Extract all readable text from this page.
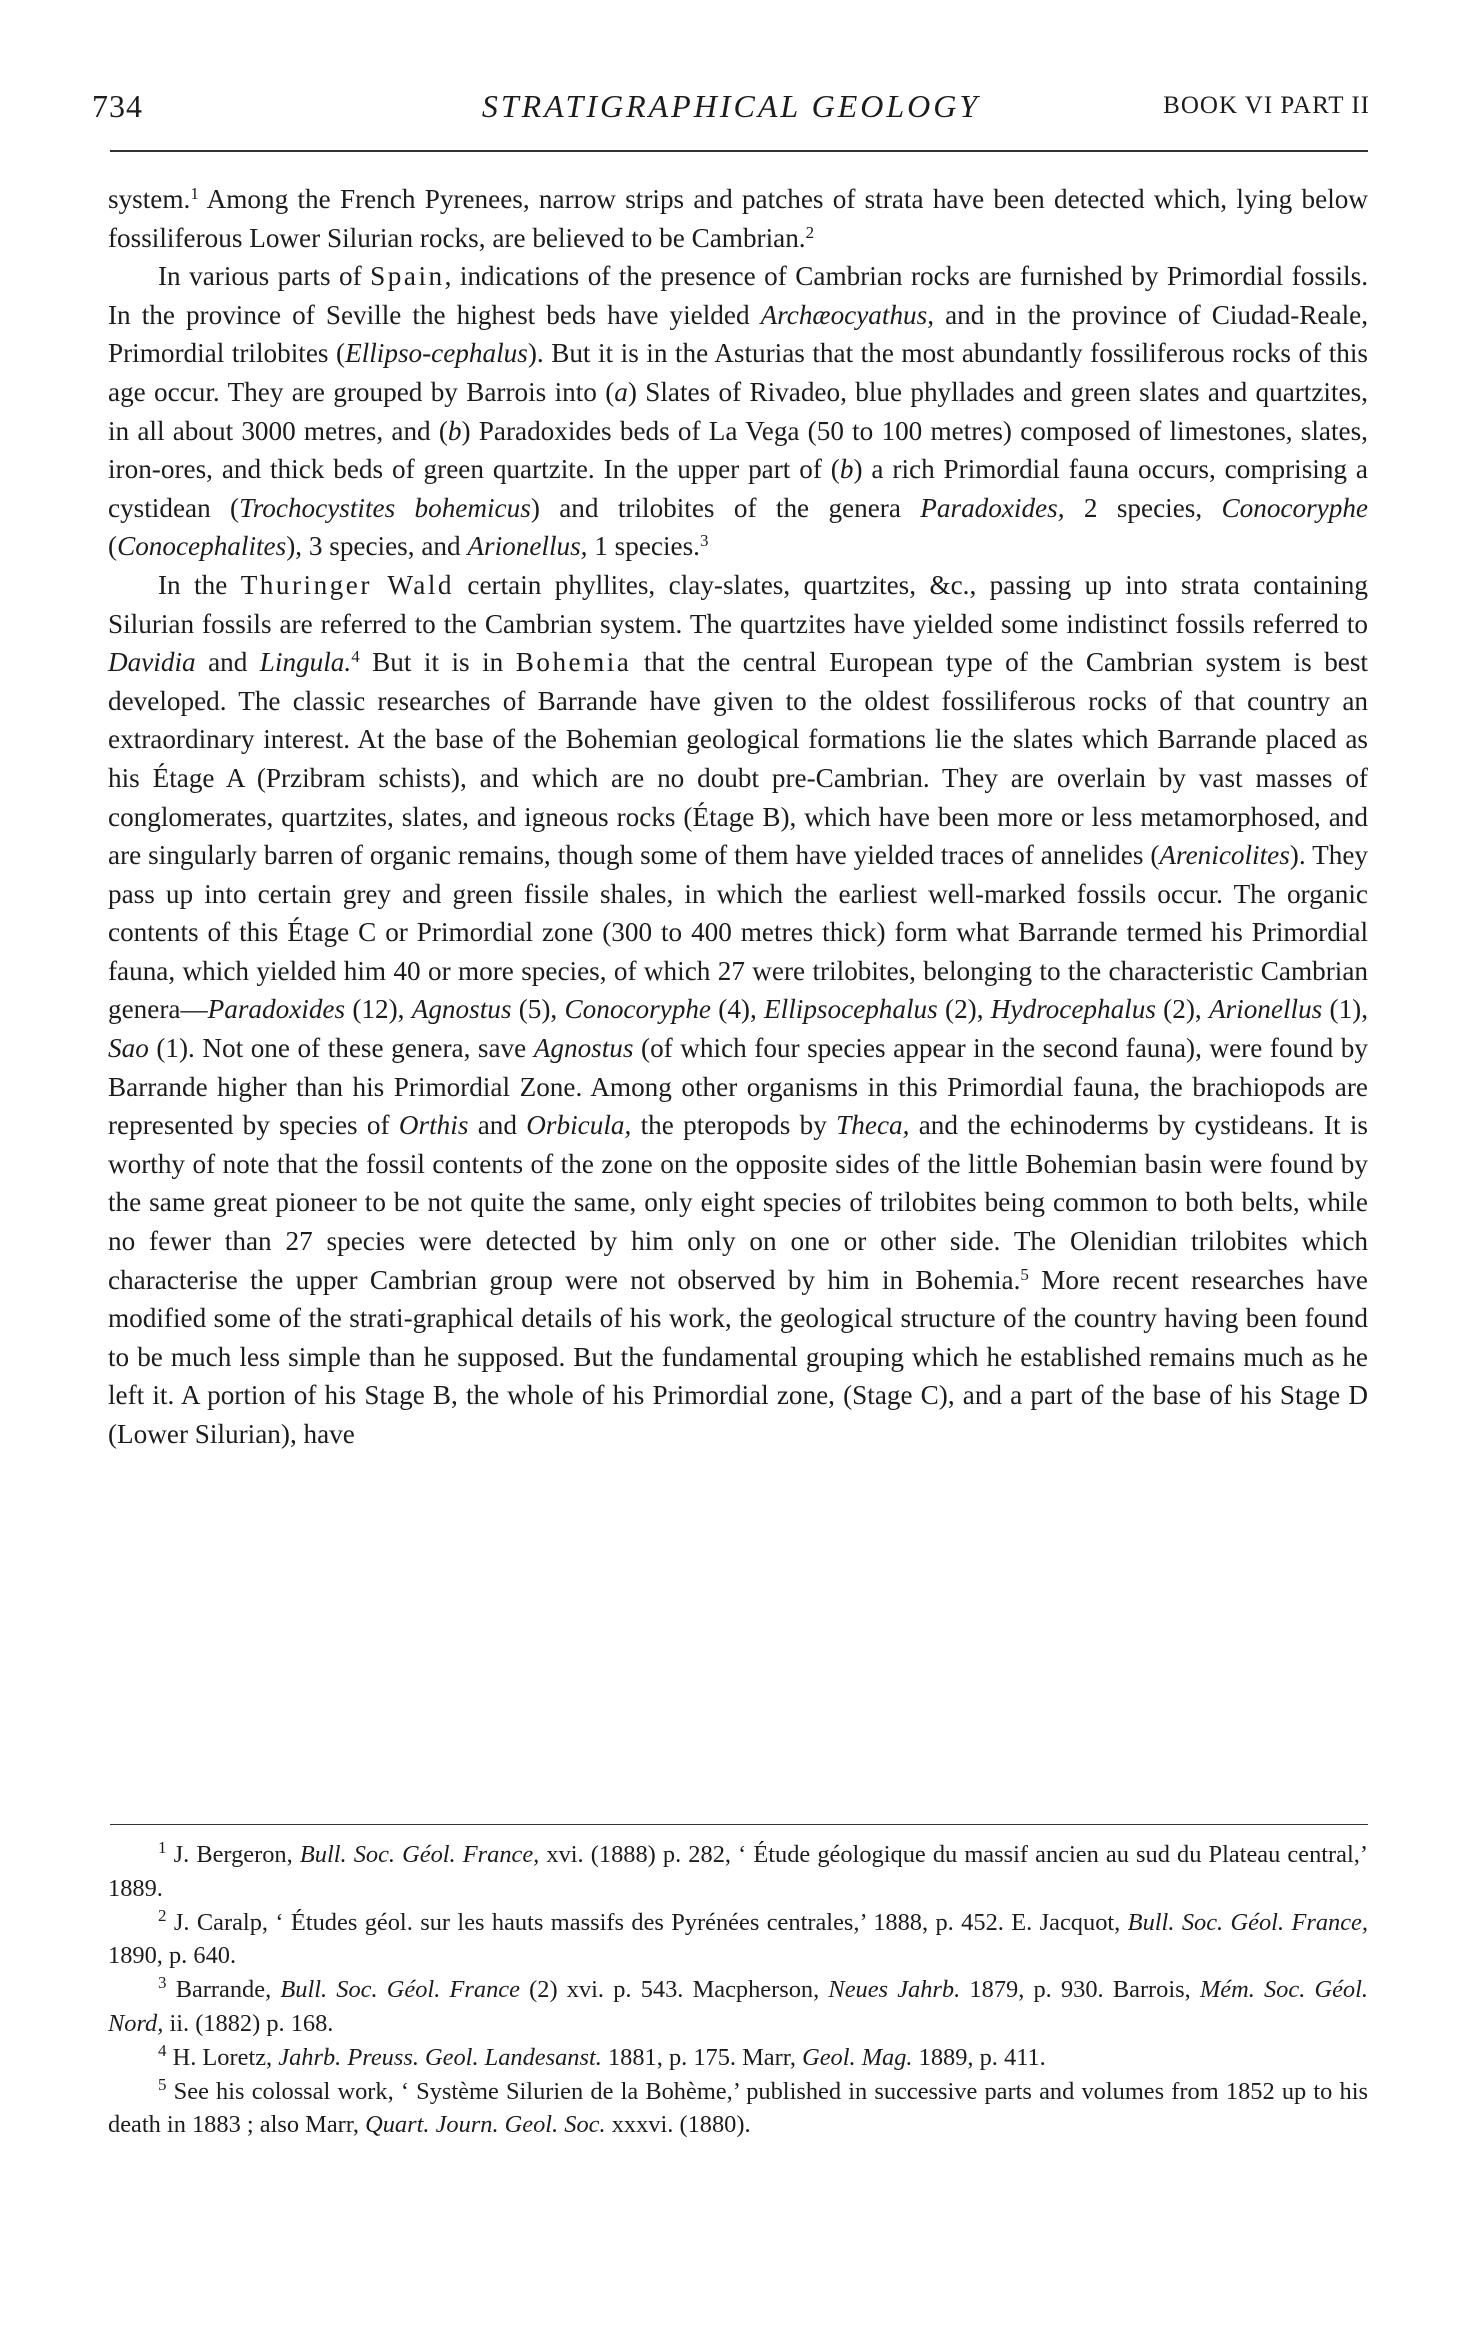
734	STRATIGRAPHICAL GEOLOGY	BOOK VI PART II

system.$^1$ Among the French Pyrenees, narrow strips and patches of strata have been detected which, lying below fossiliferous Lower Silurian rocks, are believed to be Cambrian.$^2$

In various parts of Spain, indications of the presence of Cambrian rocks are furnished by Primordial fossils. In the province of Seville the highest beds have yielded Archæocyathus, and in the province of Ciudad-Reale, Primordial trilobites (Ellipso-cephalus). But it is in the Asturias that the most abundantly fossiliferous rocks of this age occur. They are grouped by Barrois into (a) Slates of Rivadeo, blue phyllades and green slates and quartzites, in all about 3000 metres, and (b) Paradoxides beds of La Vega (50 to 100 metres) composed of limestones, slates, iron-ores, and thick beds of green quartzite. In the upper part of (b) a rich Primordial fauna occurs, comprising a cystidean (Trochocystites bohemicus) and trilobites of the genera Paradoxides, 2 species, Conocoryphe (Conocephalites), 3 species, and Arionellus, 1 species.$^3$

In the Thuringer Wald certain phyllites, clay-slates, quartzites, &c., passing up into strata containing Silurian fossils are referred to the Cambrian system. The quartzites have yielded some indistinct fossils referred to Davidia and Lingula.$^4$ But it is in Bohemia that the central European type of the Cambrian system is best developed. The classic researches of Barrande have given to the oldest fossiliferous rocks of that country an extraordinary interest. At the base of the Bohemian geological formations lie the slates which Barrande placed as his Étage A (Przibram schists), and which are no doubt pre-Cambrian. They are overlain by vast masses of conglomerates, quartzites, slates, and igneous rocks (Étage B), which have been more or less metamorphosed, and are singularly barren of organic remains, though some of them have yielded traces of annelides (Arenicolites). They pass up into certain grey and green fissile shales, in which the earliest well-marked fossils occur. The organic contents of this Étage C or Primordial zone (300 to 400 metres thick) form what Barrande termed his Primordial fauna, which yielded him 40 or more species, of which 27 were trilobites, belonging to the characteristic Cambrian genera—Paradoxides (12), Agnostus (5), Conocoryphe (4), Ellipsocephalus (2), Hydrocephalus (2), Arionellus (1), Sao (1). Not one of these genera, save Agnostus (of which four species appear in the second fauna), were found by Barrande higher than his Primordial Zone. Among other organisms in this Primordial fauna, the brachiopods are represented by species of Orthis and Orbicula, the pteropods by Theca, and the echinoderms by cystideans. It is worthy of note that the fossil contents of the zone on the opposite sides of the little Bohemian basin were found by the same great pioneer to be not quite the same, only eight species of trilobites being common to both belts, while no fewer than 27 species were detected by him only on one or other side. The Olenidian trilobites which characterise the upper Cambrian group were not observed by him in Bohemia.$^5$ More recent researches have modified some of the strati-graphical details of his work, the geological structure of the country having been found to be much less simple than he supposed. But the fundamental grouping which he established remains much as he left it. A portion of his Stage B, the whole of his Primordial zone, (Stage C), and a part of the base of his Stage D (Lower Silurian), have

$^1$ J. Bergeron, Bull. Soc. Géol. France, xvi. (1888) p. 282, ‘ Étude géologique du massif ancien au sud du Plateau central,’ 1889.

$^2$ J. Caralp, ‘ Études géol. sur les hauts massifs des Pyrénées centrales,’ 1888, p. 452. E. Jacquot, Bull. Soc. Géol. France, 1890, p. 640.

$^3$ Barrande, Bull. Soc. Géol. France (2) xvi. p. 543. Macpherson, Neues Jahrb. 1879, p. 930. Barrois, Mém. Soc. Géol. Nord, ii. (1882) p. 168.

$^4$ H. Loretz, Jahrb. Preuss. Geol. Landesanst. 1881, p. 175. Marr, Geol. Mag. 1889, p. 411.

$^5$ See his colossal work, ‘ Système Silurien de la Bohème,’ published in successive parts and volumes from 1852 up to his death in 1883 ; also Marr, Quart. Journ. Geol. Soc. xxxvi. (1880).
